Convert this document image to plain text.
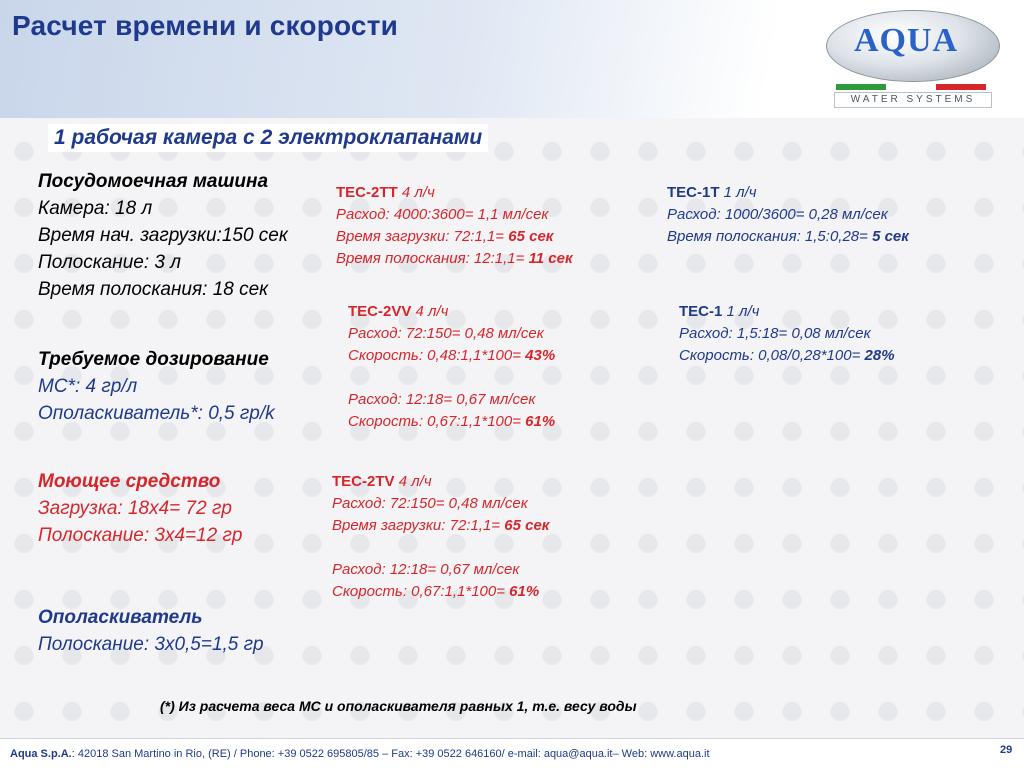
Расчет времени и скорости	AQUA
WATER SYSTEMS
1 рабочая камера с 2 электроклапанами
Посудомоечная машина
Камера: 18 л
Время нач. загрузки:150 сек
Полоскание: 3 л
Время полоскания: 18 сек
Требуемое дозирование
МС*: 4 гр/л
Ополаскиватель*: 0,5 гр/k
Моющее средство
Загрузка: 18х4= 72 гр
Полоскание: 3х4=12 гр
Ополаскиватель
Полоскание: 3х0,5=1,5 гр
TEC-2TT 4 л/ч
Расход: 4000:3600= 1,1 мл/сек
Время загрузки: 72:1,1= 65 сек
Время полоскания: 12:1,1= 11 сек
TEC-1T 1 л/ч
Расход: 1000/3600= 0,28 мл/сек
Время полоскания: 1,5:0,28= 5 сек
TEC-2VV 4 л/ч
Расход: 72:150= 0,48 мл/сек
Скорость: 0,48:1,1*100= 43%
Расход: 12:18= 0,67 мл/сек
Скорость: 0,67:1,1*100= 61%
TEC-1 1 л/ч
Расход: 1,5:18= 0,08 мл/сек
Скорость: 0,08/0,28*100= 28%
TEC-2TV 4 л/ч
Расход: 72:150= 0,48 мл/сек
Время загрузки: 72:1,1= 65 сек
Расход: 12:18= 0,67 мл/сек
Скорость: 0,67:1,1*100= 61%
(*) Из расчета веса МС и ополаскивателя равных 1, т.е. весу воды
Aqua S.p.A.: 42018 San Martino in Rio, (RE) / Phone: +39 0522 695805/85 – Fax: +39 0522 646160/ e-mail: aqua@aqua.it– Web: www.aqua.it	29
